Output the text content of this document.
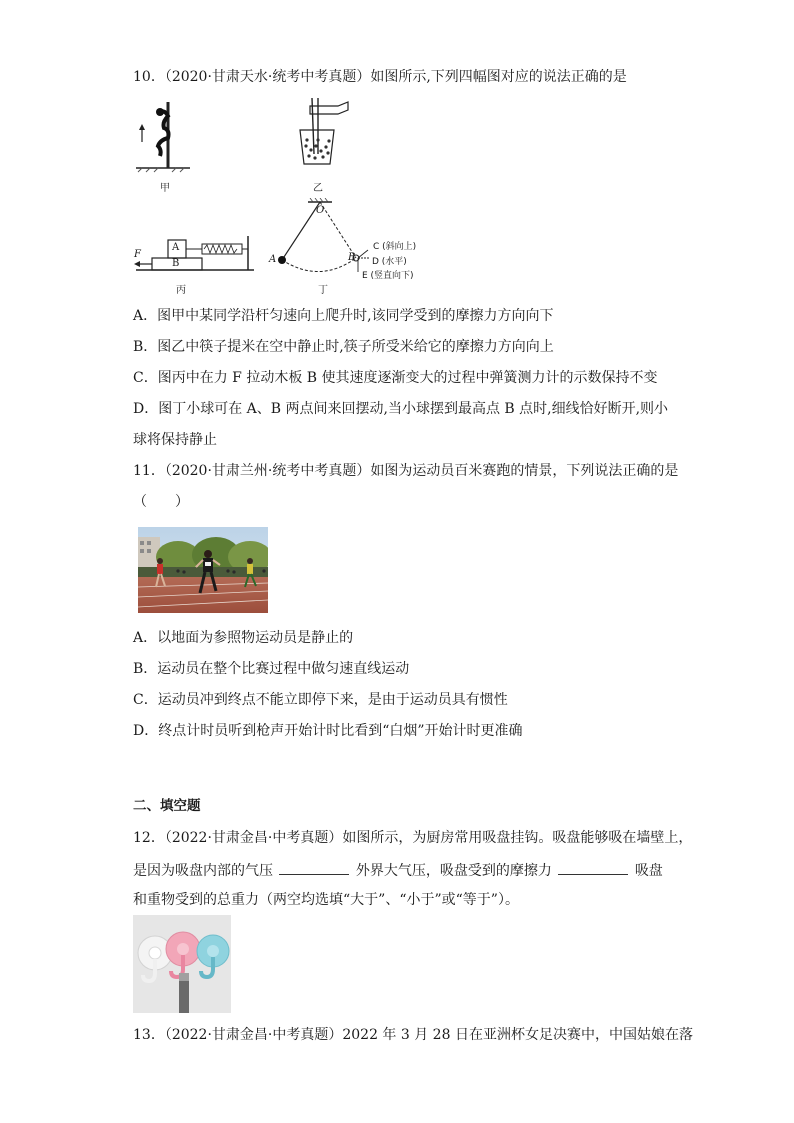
10．（2020·甘肃天水·统考中考真题）如图所示,下列四幅图对应的说法正确的是
甲	乙
F
A
B
丙
O
A	B
C (斜向上)
D (水平)
E (竖直向下)
丁
A．图甲中某同学沿杆匀速向上爬升时,该同学受到的摩擦力方向向下
B．图乙中筷子提米在空中静止时,筷子所受米给它的摩擦力方向向上
C．图丙中在力 F 拉动木板 B 使其速度逐渐变大的过程中弹簧测力计的示数保持不变
D．图丁小球可在 A、B 两点间来回摆动,当小球摆到最高点 B 点时,细线恰好断开,则小
球将保持静止
11．（2020·甘肃兰州·统考中考真题）如图为运动员百米赛跑的情景，下列说法正确的是
（　　）
A．以地面为参照物运动员是静止的
B．运动员在整个比赛过程中做匀速直线运动
C．运动员冲到终点不能立即停下来，是由于运动员具有惯性
D．终点计时员听到枪声开始计时比看到“白烟”开始计时更准确
二、填空题
12．（2022·甘肃金昌·中考真题）如图所示，为厨房常用吸盘挂钩。吸盘能够吸在墙壁上，
是因为吸盘内部的气压	外界大气压，吸盘受到的摩擦力	吸盘
和重物受到的总重力（两空均选填“大于”、“小于”或“等于”）。
13．（2022·甘肃金昌·中考真题）2022 年 3 月 28 日在亚洲杯女足决赛中，中国姑娘在落
